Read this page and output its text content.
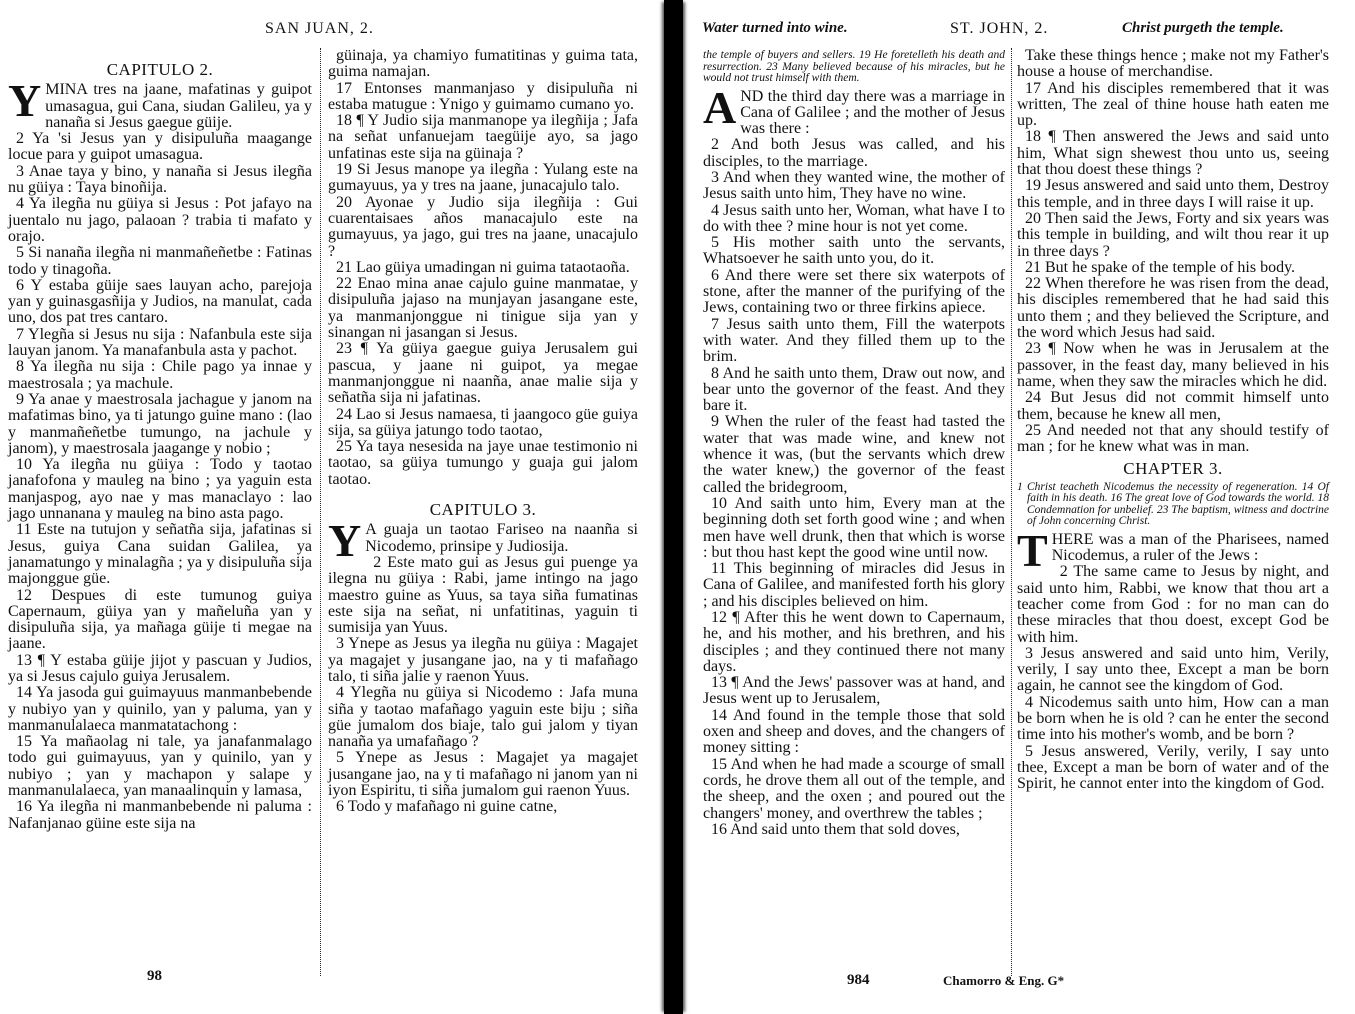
SAN JUAN, 2.
CAPITULO 2.

YMINA tres na jaane, mafatinas y guipot umasagua, gui Cana, siudan Galileu, ya y nanaña si Jesus gaegue güije.

2 Ya 'si Jesus yan y disipuluña maagange locue para y guipot umasagua.

3 Anae taya y bino, y nanaña si Jesus ilegña nu güiya : Taya binoñija.

4 Ya ilegña nu güiya si Jesus : Pot jafayo na juentalo nu jago, palaoan ? trabia ti mafato y orajo.

5 Si nanaña ilegña ni manmañeñetbe : Fatinas todo y tinagoña.

6 Y estaba güije saes lauyan acho, parejoja yan y guinasgasñija y Judios, na manulat, cada uno, dos pat tres cantaro.

7 Ylegña si Jesus nu sija : Nafanbula este sija lauyan janom. Ya manafanbula asta y pachot.

8 Ya ilegña nu sija : Chile pago ya innae y maestrosala ; ya machule.

9 Ya anae y maestrosala jachague y janom na mafatimas bino, ya ti jatungo guine mano : (lao y manmañeñetbe tumungo, na jachule y janom), y maestrosala jaagange y nobio ;

10 Ya ilegña nu güiya : Todo y taotao janafofona y mauleg na bino ; ya yaguin esta manjaspog, ayo nae y mas manaclayo : lao jago unnanana y mauleg na bino asta pago.

11 Este na tutujon y señatña sija, jafatinas si Jesus, guiya Cana suidan Galilea, ya janamatungo y minalagña ; ya y disipuluña sija majonggue güe.

12 Despues di este tumunog guiya Capernaum, güiya yan y mañeluña yan y disipuluña sija, ya mañaga güije ti megae na jaane.

13 ¶ Y estaba güije jijot y pascuan y Judios, ya si Jesus cajulo guiya Jerusalem.

14 Ya jasoda gui guimayuus manmanbebende y nubiyo yan y quinilo, yan y paluma, yan y manmanulalaeca manmatatachong :

15 Ya mañaolag ni tale, ya janafanmalago todo gui guimayuus, yan y quinilo, yan y nubiyo ; yan y machapon y salape y manmanulalaeca, yan manaalinquin y lamasa,

16 Ya ilegña ni manmanbebende ni paluma : Nafanjanao güine este sija na

güinaja, ya chamiyo fumatitinas y guima tata, guima namajan.

17 Entonses manmanjaso y disipuluña ni estaba matugue : Ynigo y guimamo cumano yo.

18 ¶ Y Judio sija manmanope ya ilegñija ; Jafa na señat unfanuejam taegüije ayo, sa jago unfatinas este sija na güinaja ?

19 Si Jesus manope ya ilegña : Yulang este na gumayuus, ya y tres na jaane, junacajulo talo.

20 Ayonae y Judio sija ilegñija : Gui cuarentaisaes años manacajulo este na gumayuus, ya jago, gui tres na jaane, unacajulo ?

21 Lao güiya umadingan ni guima tataotaoña.

22 Enao mina anae cajulo guine manmatae, y disipuluña jajaso na munjayan jasangane este, ya manmanjonggue ni tinigue sija yan y sinangan ni jasangan si Jesus.

23 ¶ Ya güiya gaegue guiya Jerusalem gui pascua, y jaane ni guipot, ya megae manmanjonggue ni naanña, anae malie sija y señatña sija ni jafatinas.

24 Lao si Jesus namaesa, ti jaangoco güe guiya sija, sa güiya jatungo todo taotao,

25 Ya taya nesesida na jaye unae testimonio ni taotao, sa güiya tumungo y guaja gui jalom taotao.

CAPITULO 3.

Y A guaja un taotao Fariseo na naanña si Nicodemo, prinsipe y Judiosija.

2 Este mato gui as Jesus gui puenge ya ilegna nu güiya : Rabi, jame intingo na jago maestro guine as Yuus, sa taya siña fumatinas este sija na señat, ni unfatitinas, yaguin ti sumisija yan Yuus.

3 Ynepe as Jesus ya ilegña nu güiya : Magajet ya magajet y jusangane jao, na y ti mafañago talo, ti siña jalie y raenon Yuus.

4 Ylegña nu güiya si Nicodemo : Jafa muna siña y taotao mafañago yaguin este biju ; siña güe jumalom dos biaje, talo gui jalom y tiyan nanaña ya umafañago ?

5 Ynepe as Jesus : Magajet ya magajet jusangane jao, na y ti mafañago ni janom yan ni iyon Espiritu, ti siña jumalom gui raenon Yuus.

6 Todo y mafañago ni guine catne,

98
Water turned into wine.	ST. JOHN, 2.	Christ purgeth the temple.

the temple of buyers and sellers. 19 He foretelleth his death and resurrection. 23 Many believed because of his miracles, but he would not trust himself with them.

AND the third day there was a marriage in Cana of Galilee ; and the mother of Jesus was there :

2 And both Jesus was called, and his disciples, to the marriage.

3 And when they wanted wine, the mother of Jesus saith unto him, They have no wine.

4 Jesus saith unto her, Woman, what have I to do with thee ? mine hour is not yet come.

5 His mother saith unto the servants, Whatsoever he saith unto you, do it.

6 And there were set there six waterpots of stone, after the manner of the purifying of the Jews, containing two or three firkins apiece.

7 Jesus saith unto them, Fill the waterpots with water. And they filled them up to the brim.

8 And he saith unto them, Draw out now, and bear unto the governor of the feast. And they bare it.

9 When the ruler of the feast had tasted the water that was made wine, and knew not whence it was, (but the servants which drew the water knew,) the governor of the feast called the bridegroom,

10 And saith unto him, Every man at the beginning doth set forth good wine ; and when men have well drunk, then that which is worse : but thou hast kept the good wine until now.

11 This beginning of miracles did Jesus in Cana of Galilee, and manifested forth his glory ; and his disciples believed on him.

12 ¶ After this he went down to Capernaum, he, and his mother, and his brethren, and his disciples ; and they continued there not many days.

13 ¶ And the Jews' passover was at hand, and Jesus went up to Jerusalem,

14 And found in the temple those that sold oxen and sheep and doves, and the changers of money sitting :

15 And when he had made a scourge of small cords, he drove them all out of the temple, and the sheep, and the oxen ; and poured out the changers' money, and overthrew the tables ;

16 And said unto them that sold doves,

Take these things hence ; make not my Father's house a house of merchandise.

17 And his disciples remembered that it was written, The zeal of thine house hath eaten me up.

18 ¶ Then answered the Jews and said unto him, What sign shewest thou unto us, seeing that thou doest these things ?

19 Jesus answered and said unto them, Destroy this temple, and in three days I will raise it up.

20 Then said the Jews, Forty and six years was this temple in building, and wilt thou rear it up in three days ?

21 But he spake of the temple of his body.

22 When therefore he was risen from the dead, his disciples remembered that he had said this unto them ; and they believed the Scripture, and the word which Jesus had said.

23 ¶ Now when he was in Jerusalem at the passover, in the feast day, many believed in his name, when they saw the miracles which he did.

24 But Jesus did not commit himself unto them, because he knew all men,

25 And needed not that any should testify of man ; for he knew what was in man.

CHAPTER 3.

1 Christ teacheth Nicodemus the necessity of regeneration. 14 Of faith in his death. 16 The great love of God towards the world. 18 Condemnation for unbelief. 23 The baptism, witness and doctrine of John concerning Christ.

THERE was a man of the Pharisees, named Nicodemus, a ruler of the Jews :

2 The same came to Jesus by night, and said unto him, Rabbi, we know that thou art a teacher come from God : for no man can do these miracles that thou doest, except God be with him.

3 Jesus answered and said unto him, Verily, verily, I say unto thee, Except a man be born again, he cannot see the kingdom of God.

4 Nicodemus saith unto him, How can a man be born when he is old ? can he enter the second time into his mother's womb, and be born ?

5 Jesus answered, Verily, verily, I say unto thee, Except a man be born of water and of the Spirit, he cannot enter into the kingdom of God.

984	Chamorro & Eng. G*
